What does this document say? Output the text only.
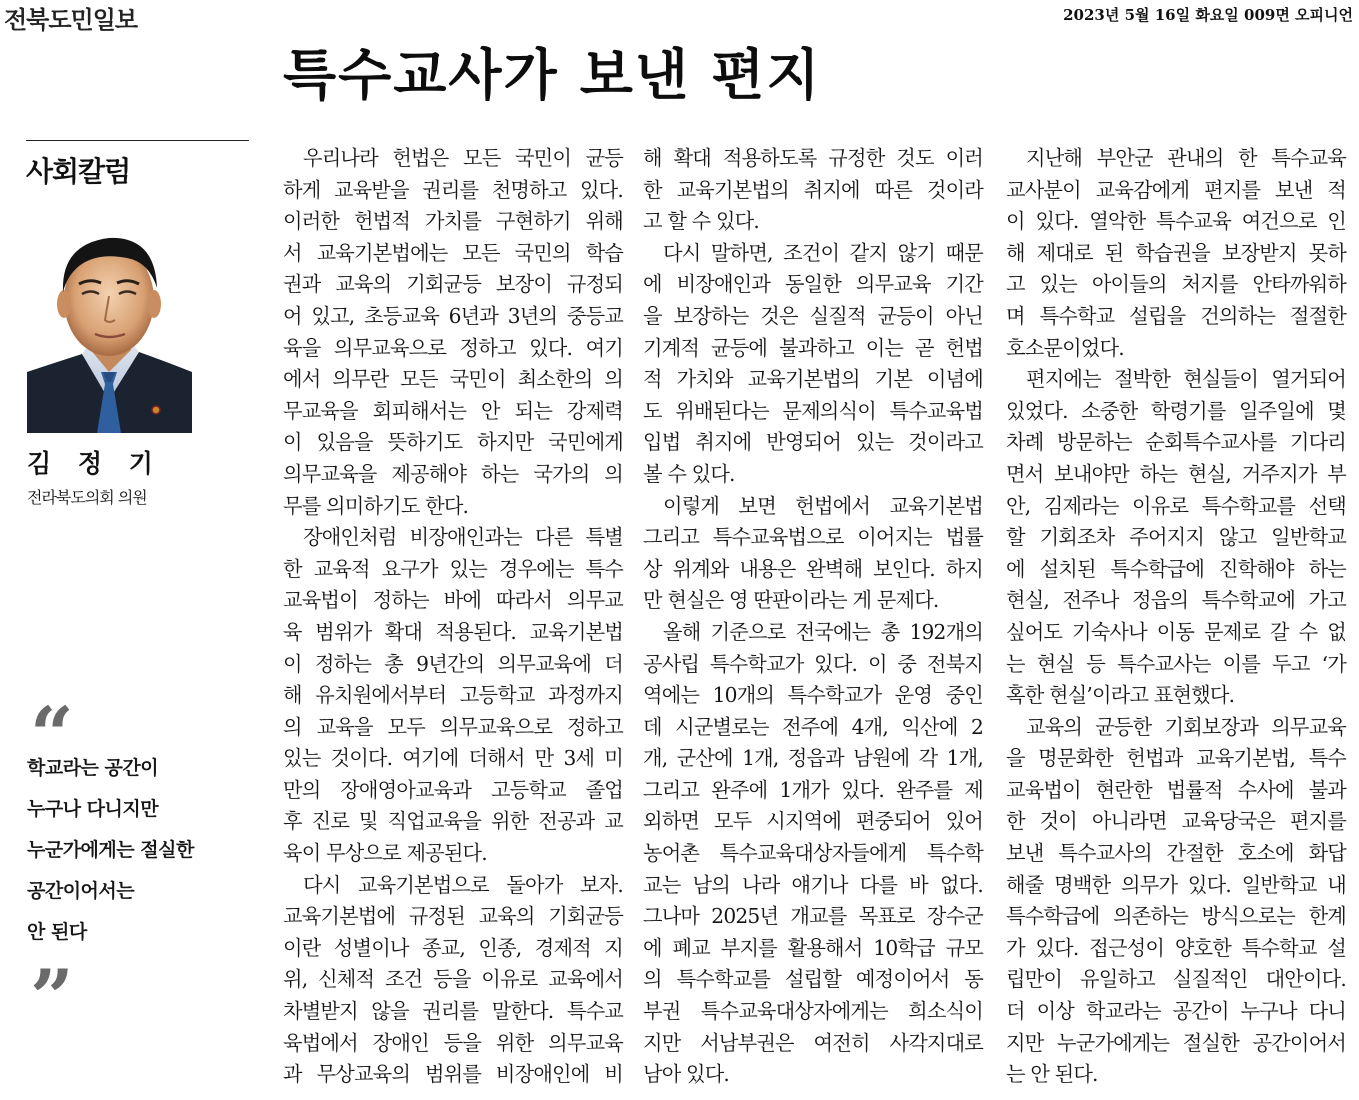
전북도민일보	2023년 5월 16일 화요일 009면 오피니언
특수교사가 보낸 편지
사회칼럼
김 정 기
전라북도의회 의원
“
학교라는 공간이
누구나 다니지만
누군가에게는 절실한
공간이어서는
안 된다
”
우리나라 헌법은 모든 국민이 균등
하게 교육받을 권리를 천명하고 있다.
이러한 헌법적 가치를 구현하기 위해
서 교육기본법에는 모든 국민의 학습
권과 교육의 기회균등 보장이 규정되
어 있고, 초등교육 6년과 3년의 중등교
육을 의무교육으로 정하고 있다. 여기
에서 의무란 모든 국민이 최소한의 의
무교육을 회피해서는 안 되는 강제력
이 있음을 뜻하기도 하지만 국민에게
의무교육을 제공해야 하는 국가의 의
무를 의미하기도 한다.
장애인처럼 비장애인과는 다른 특별
한 교육적 요구가 있는 경우에는 특수
교육법이 정하는 바에 따라서 의무교
육 범위가 확대 적용된다. 교육기본법
이 정하는 총 9년간의 의무교육에 더
해 유치원에서부터 고등학교 과정까지
의 교육을 모두 의무교육으로 정하고
있는 것이다. 여기에 더해서 만 3세 미
만의 장애영아교육과 고등학교 졸업
후 진로 및 직업교육을 위한 전공과 교
육이 무상으로 제공된다.
다시 교육기본법으로 돌아가 보자.
교육기본법에 규정된 교육의 기회균등
이란 성별이나 종교, 인종, 경제적 지
위, 신체적 조건 등을 이유로 교육에서
차별받지 않을 권리를 말한다. 특수교
육법에서 장애인 등을 위한 의무교육
과 무상교육의 범위를 비장애인에 비
해 확대 적용하도록 규정한 것도 이러
한 교육기본법의 취지에 따른 것이라
고 할 수 있다.
다시 말하면, 조건이 같지 않기 때문
에 비장애인과 동일한 의무교육 기간
을 보장하는 것은 실질적 균등이 아닌
기계적 균등에 불과하고 이는 곧 헌법
적 가치와 교육기본법의 기본 이념에
도 위배된다는 문제의식이 특수교육법
입법 취지에 반영되어 있는 것이라고
볼 수 있다.
이렇게 보면 헌법에서 교육기본법
그리고 특수교육법으로 이어지는 법률
상 위계와 내용은 완벽해 보인다. 하지
만 현실은 영 딴판이라는 게 문제다.
올해 기준으로 전국에는 총 192개의
공사립 특수학교가 있다. 이 중 전북지
역에는 10개의 특수학교가 운영 중인
데 시군별로는 전주에 4개, 익산에 2
개, 군산에 1개, 정읍과 남원에 각 1개,
그리고 완주에 1개가 있다. 완주를 제
외하면 모두 시지역에 편중되어 있어
농어촌 특수교육대상자들에게 특수학
교는 남의 나라 얘기나 다를 바 없다.
그나마 2025년 개교를 목표로 장수군
에 폐교 부지를 활용해서 10학급 규모
의 특수학교를 설립할 예정이어서 동
부권 특수교육대상자에게는 희소식이
지만 서남부권은 여전히 사각지대로
남아 있다.
지난해 부안군 관내의 한 특수교육
교사분이 교육감에게 편지를 보낸 적
이 있다. 열악한 특수교육 여건으로 인
해 제대로 된 학습권을 보장받지 못하
고 있는 아이들의 처지를 안타까워하
며 특수학교 설립을 건의하는 절절한
호소문이었다.
편지에는 절박한 현실들이 열거되어
있었다. 소중한 학령기를 일주일에 몇
차례 방문하는 순회특수교사를 기다리
면서 보내야만 하는 현실, 거주지가 부
안, 김제라는 이유로 특수학교를 선택
할 기회조차 주어지지 않고 일반학교
에 설치된 특수학급에 진학해야 하는
현실, 전주나 정읍의 특수학교에 가고
싶어도 기숙사나 이동 문제로 갈 수 없
는 현실 등 특수교사는 이를 두고 ‘가
혹한 현실’이라고 표현했다.
교육의 균등한 기회보장과 의무교육
을 명문화한 헌법과 교육기본법, 특수
교육법이 현란한 법률적 수사에 불과
한 것이 아니라면 교육당국은 편지를
보낸 특수교사의 간절한 호소에 화답
해줄 명백한 의무가 있다. 일반학교 내
특수학급에 의존하는 방식으로는 한계
가 있다. 접근성이 양호한 특수학교 설
립만이 유일하고 실질적인 대안이다.
더 이상 학교라는 공간이 누구나 다니
지만 누군가에게는 절실한 공간이어서
는 안 된다.
